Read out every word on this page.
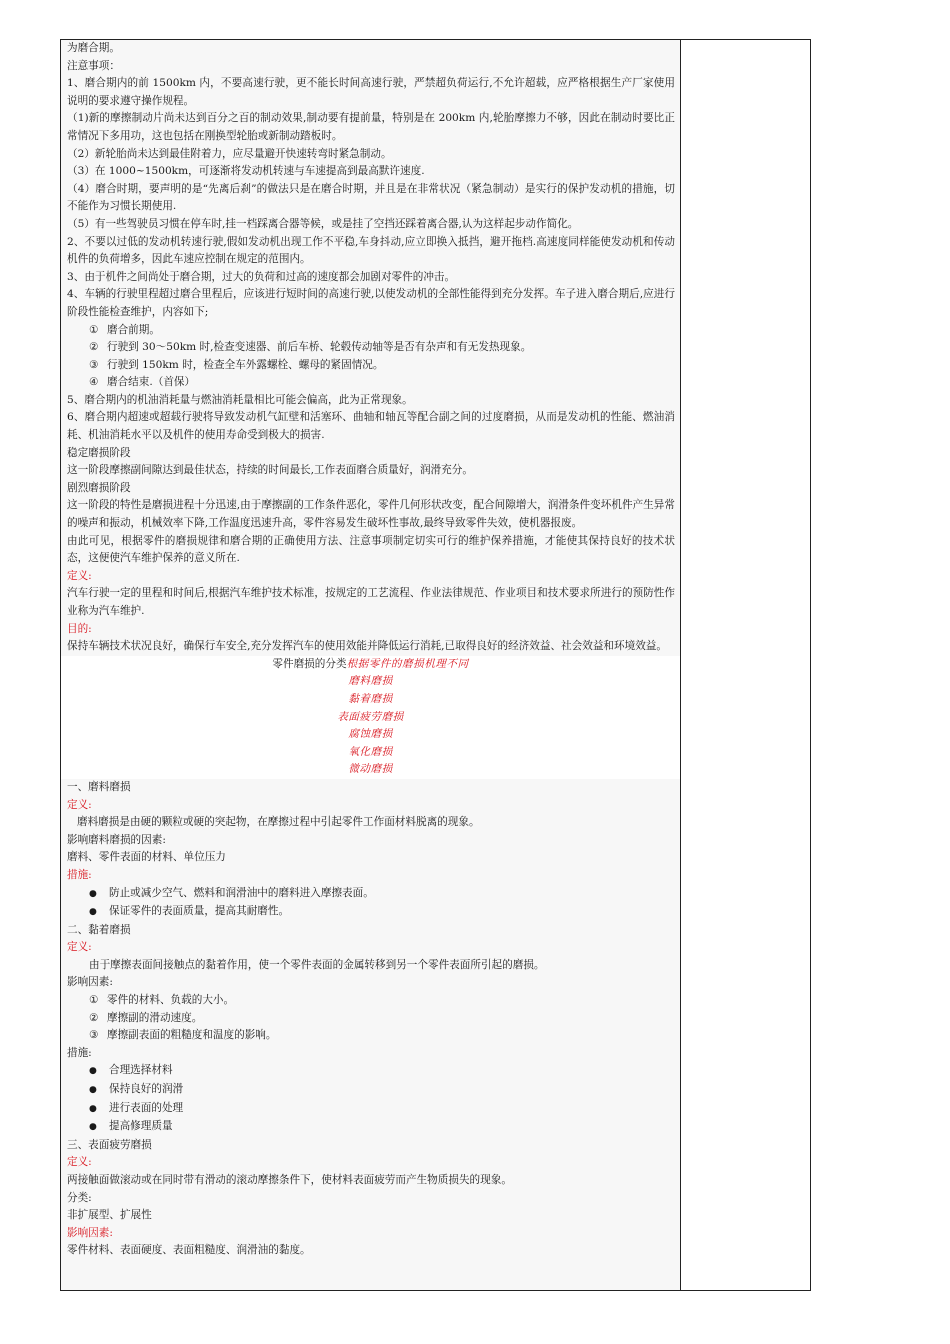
为磨合期。
注意事项：
1、磨合期内的前 1500km 内，不要高速行驶，更不能长时间高速行驶，严禁超负荷运行,不允许超载，应严格根据生产厂家使用说明的要求遵守操作规程。
（1)新的摩擦制动片尚未达到百分之百的制动效果,制动要有提前量，特别是在 200km 内,轮胎摩擦力不够，因此在制动时要比正常情况下多用功，这也包括在刚换型轮胎或新制动踏板时。
（2）新轮胎尚未达到最佳附着力，应尽量避开快速转弯时紧急制动。
（3）在 1000~1500km，可逐渐将发动机转速与车速提高到最高默许速度.
（4）磨合时期，要声明的是“先离后刹”的做法只是在磨合时期，并且是在非常状况（紧急制动）是实行的保护发动机的措施，切不能作为习惯长期使用.
（5）有一些驾驶员习惯在停车时,挂一档踩离合器等候，或是挂了空挡还踩着离合器,认为这样起步动作简化。
2、不要以过低的发动机转速行驶,假如发动机出现工作不平稳,车身抖动,应立即换入抵挡，避开拖档.高速度同样能使发动机和传动机件的负荷增多，因此车速应控制在规定的范围内。
3、由于机件之间尚处于磨合期，过大的负荷和过高的速度都会加剧对零件的冲击。
4、车辆的行驶里程超过磨合里程后，应该进行短时间的高速行驶,以使发动机的全部性能得到充分发挥。车子进入磨合期后,应进行阶段性能检查维护，内容如下;
① 磨合前期。
② 行驶到 30～50km 时,检查变速器、前后车桥、轮毂传动轴等是否有杂声和有无发热现象。
③ 行驶到 150km 时，检查全车外露螺栓、螺母的紧固情况。
④ 磨合结束.（首保）
5、磨合期内的机油消耗量与燃油消耗量相比可能会偏高，此为正常现象。
6、磨合期内超速或超载行驶将导致发动机气缸壁和活塞环、曲轴和轴瓦等配合副之间的过度磨损，从而是发动机的性能、燃油消耗、机油消耗水平以及机件的使用寿命受到极大的损害.
稳定磨损阶段
这一阶段摩擦副间隙达到最佳状态，持续的时间最长,工作表面磨合质量好，润滑充分。
剧烈磨损阶段
这一阶段的特性是磨损进程十分迅速,由于摩擦副的工作条件恶化，零件几何形状改变，配合间隙增大，润滑条件变坏机件产生异常的噪声和振动，机械效率下降,工作温度迅速升高，零件容易发生破坏性事故,最终导致零件失效，使机器报废。
由此可见，根据零件的磨损规律和磨合期的正确使用方法、注意事项制定切实可行的维护保养措施，才能使其保持良好的技术状态，这便使汽车维护保养的意义所在.
定义:
汽车行驶一定的里程和时间后,根据汽车维护技术标准，按规定的工艺流程、作业法律规范、作业项目和技术要求所进行的预防性作业称为汽车维护.
目的:
保持车辆技术状况良好，确保行车安全,充分发挥汽车的使用效能并降低运行消耗,已取得良好的经济效益、社会效益和环境效益。
零件磨损的分类根据零件的磨损机理不同
磨料磨损
黏着磨损
表面疲劳磨损
腐蚀磨损
氧化磨损
微动磨损
一、磨料磨损
定义:
磨料磨损是由硬的颗粒或硬的突起物，在摩擦过程中引起零件工作面材料脱离的现象。
影响磨料磨损的因素:
磨料、零件表面的材料、单位压力
措施:
● 防止或减少空气、燃料和润滑油中的磨料进入摩擦表面。
● 保证零件的表面质量，提高其耐磨性。
二、黏着磨损
定义:
由于摩擦表面间接触点的黏着作用，使一个零件表面的金属转移到另一个零件表面所引起的磨损。
影响因素:
① 零件的材料、负载的大小。
② 摩擦副的滑动速度。
③ 摩擦副表面的粗糙度和温度的影响。
措施:
● 合理选择材料
● 保持良好的润滑
● 进行表面的处理
● 提高修理质量
三、表面疲劳磨损
定义:
两接触面做滚动或在同时带有滑动的滚动摩擦条件下，使材料表面疲劳而产生物质损失的现象。
分类:
非扩展型、扩展性
影响因素:
零件材料、表面硬度、表面粗糙度、润滑油的黏度。
